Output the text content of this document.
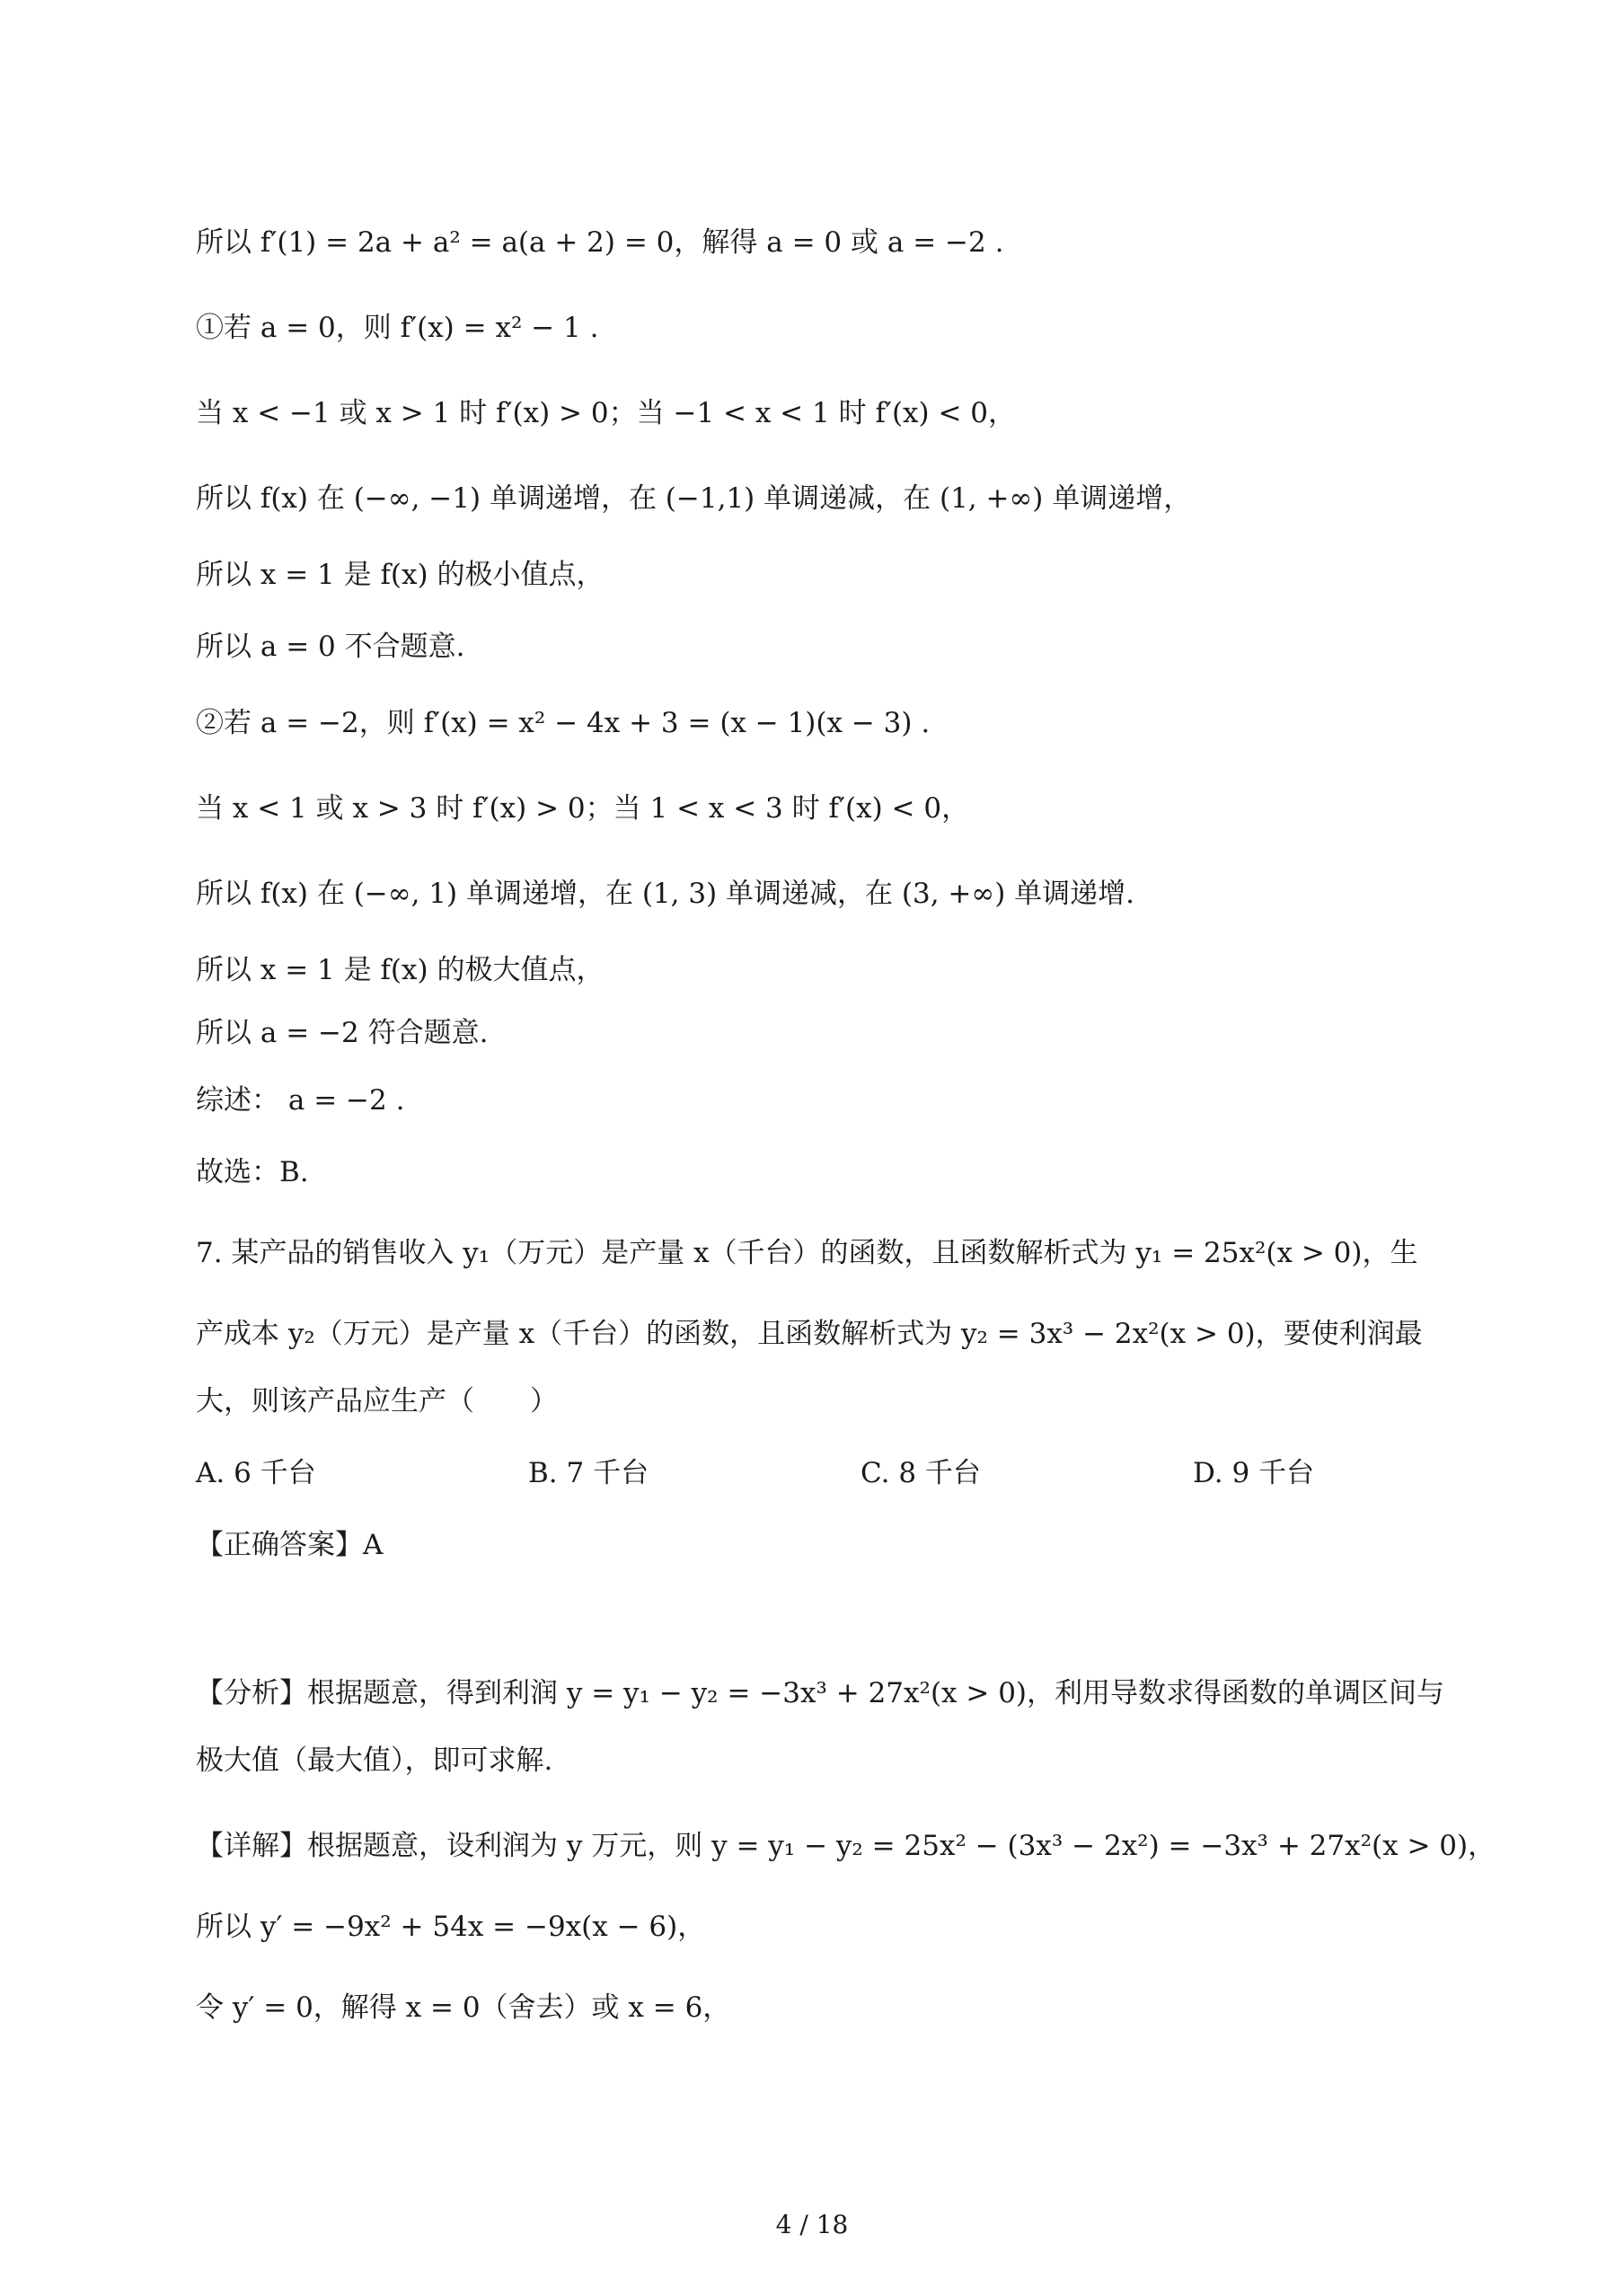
所以 f′(1) = 2a + a² = a(a + 2) = 0，解得 a = 0 或 a = −2 .
①若 a = 0，则 f′(x) = x² − 1 .
当 x < −1 或 x > 1 时 f′(x) > 0；当 −1 < x < 1 时 f′(x) < 0，
所以 f(x) 在 (−∞, −1) 单调递增，在 (−1,1) 单调递减，在 (1, +∞) 单调递增，
所以 x = 1 是 f(x) 的极小值点，
所以 a = 0 不合题意.
②若 a = −2，则 f′(x) = x² − 4x + 3 = (x − 1)(x − 3) .
当 x < 1 或 x > 3 时 f′(x) > 0；当 1 < x < 3 时 f′(x) < 0，
所以 f(x) 在 (−∞, 1) 单调递增，在 (1, 3) 单调递减，在 (3, +∞) 单调递增.
所以 x = 1 是 f(x) 的极大值点，
所以 a = −2 符合题意.
综述： a = −2 .
故选：B.
7. 某产品的销售收入 y₁（万元）是产量 x（千台）的函数，且函数解析式为 y₁ = 25x²(x > 0)，生
产成本 y₂（万元）是产量 x（千台）的函数，且函数解析式为 y₂ = 3x³ − 2x²(x > 0)，要使利润最
大，则该产品应生产（　　）
A. 6 千台	B. 7 千台	C. 8 千台	D. 9 千台
【正确答案】A
【分析】根据题意，得到利润 y = y₁ − y₂ = −3x³ + 27x²(x > 0)，利用导数求得函数的单调区间与
极大值（最大值），即可求解.
【详解】根据题意，设利润为 y 万元，则 y = y₁ − y₂ = 25x² − (3x³ − 2x²) = −3x³ + 27x²(x > 0)，
所以 y′ = −9x² + 54x = −9x(x − 6)，
令 y′ = 0，解得 x = 0（舍去）或 x = 6，
4 / 18
